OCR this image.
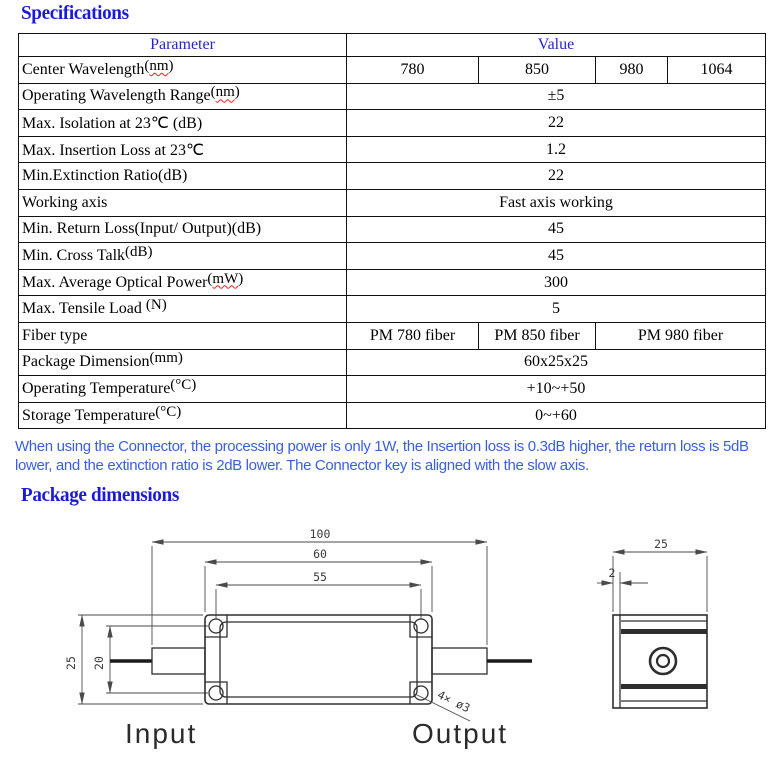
Specifications
Parameter	Value			
Center Wavelength(nm)	780	850	980	1064
Operating Wavelength Range(nm)	±5			
Max. Isolation at 23℃ (dB)	22			
Max. Insertion Loss at 23℃	1.2			
Min.Extinction Ratio(dB)	22			
Working axis	Fast axis working			
Min. Return Loss(Input/ Output)(dB)	45			
Min. Cross Talk(dB)	45			
Max. Average Optical Power(mW)	300			
Max. Tensile Load (N)	5			
Fiber type	PM 780 fiber	PM 850 fiber	PM 980 fiber	
Package Dimension(mm)	60x25x25			
Operating Temperature(°C)	+10~+50			
Storage Temperature(°C)	0~+60			
When using the Connector, the processing power is only 1W, the Insertion loss is 0.3dB higher, the return loss is 5dB lower, and the extinction ratio is 2dB lower. The Connector key is aligned with the slow axis.
Package dimensions
100
60
55
25 20
4× ø3
Input	Output
25
2
